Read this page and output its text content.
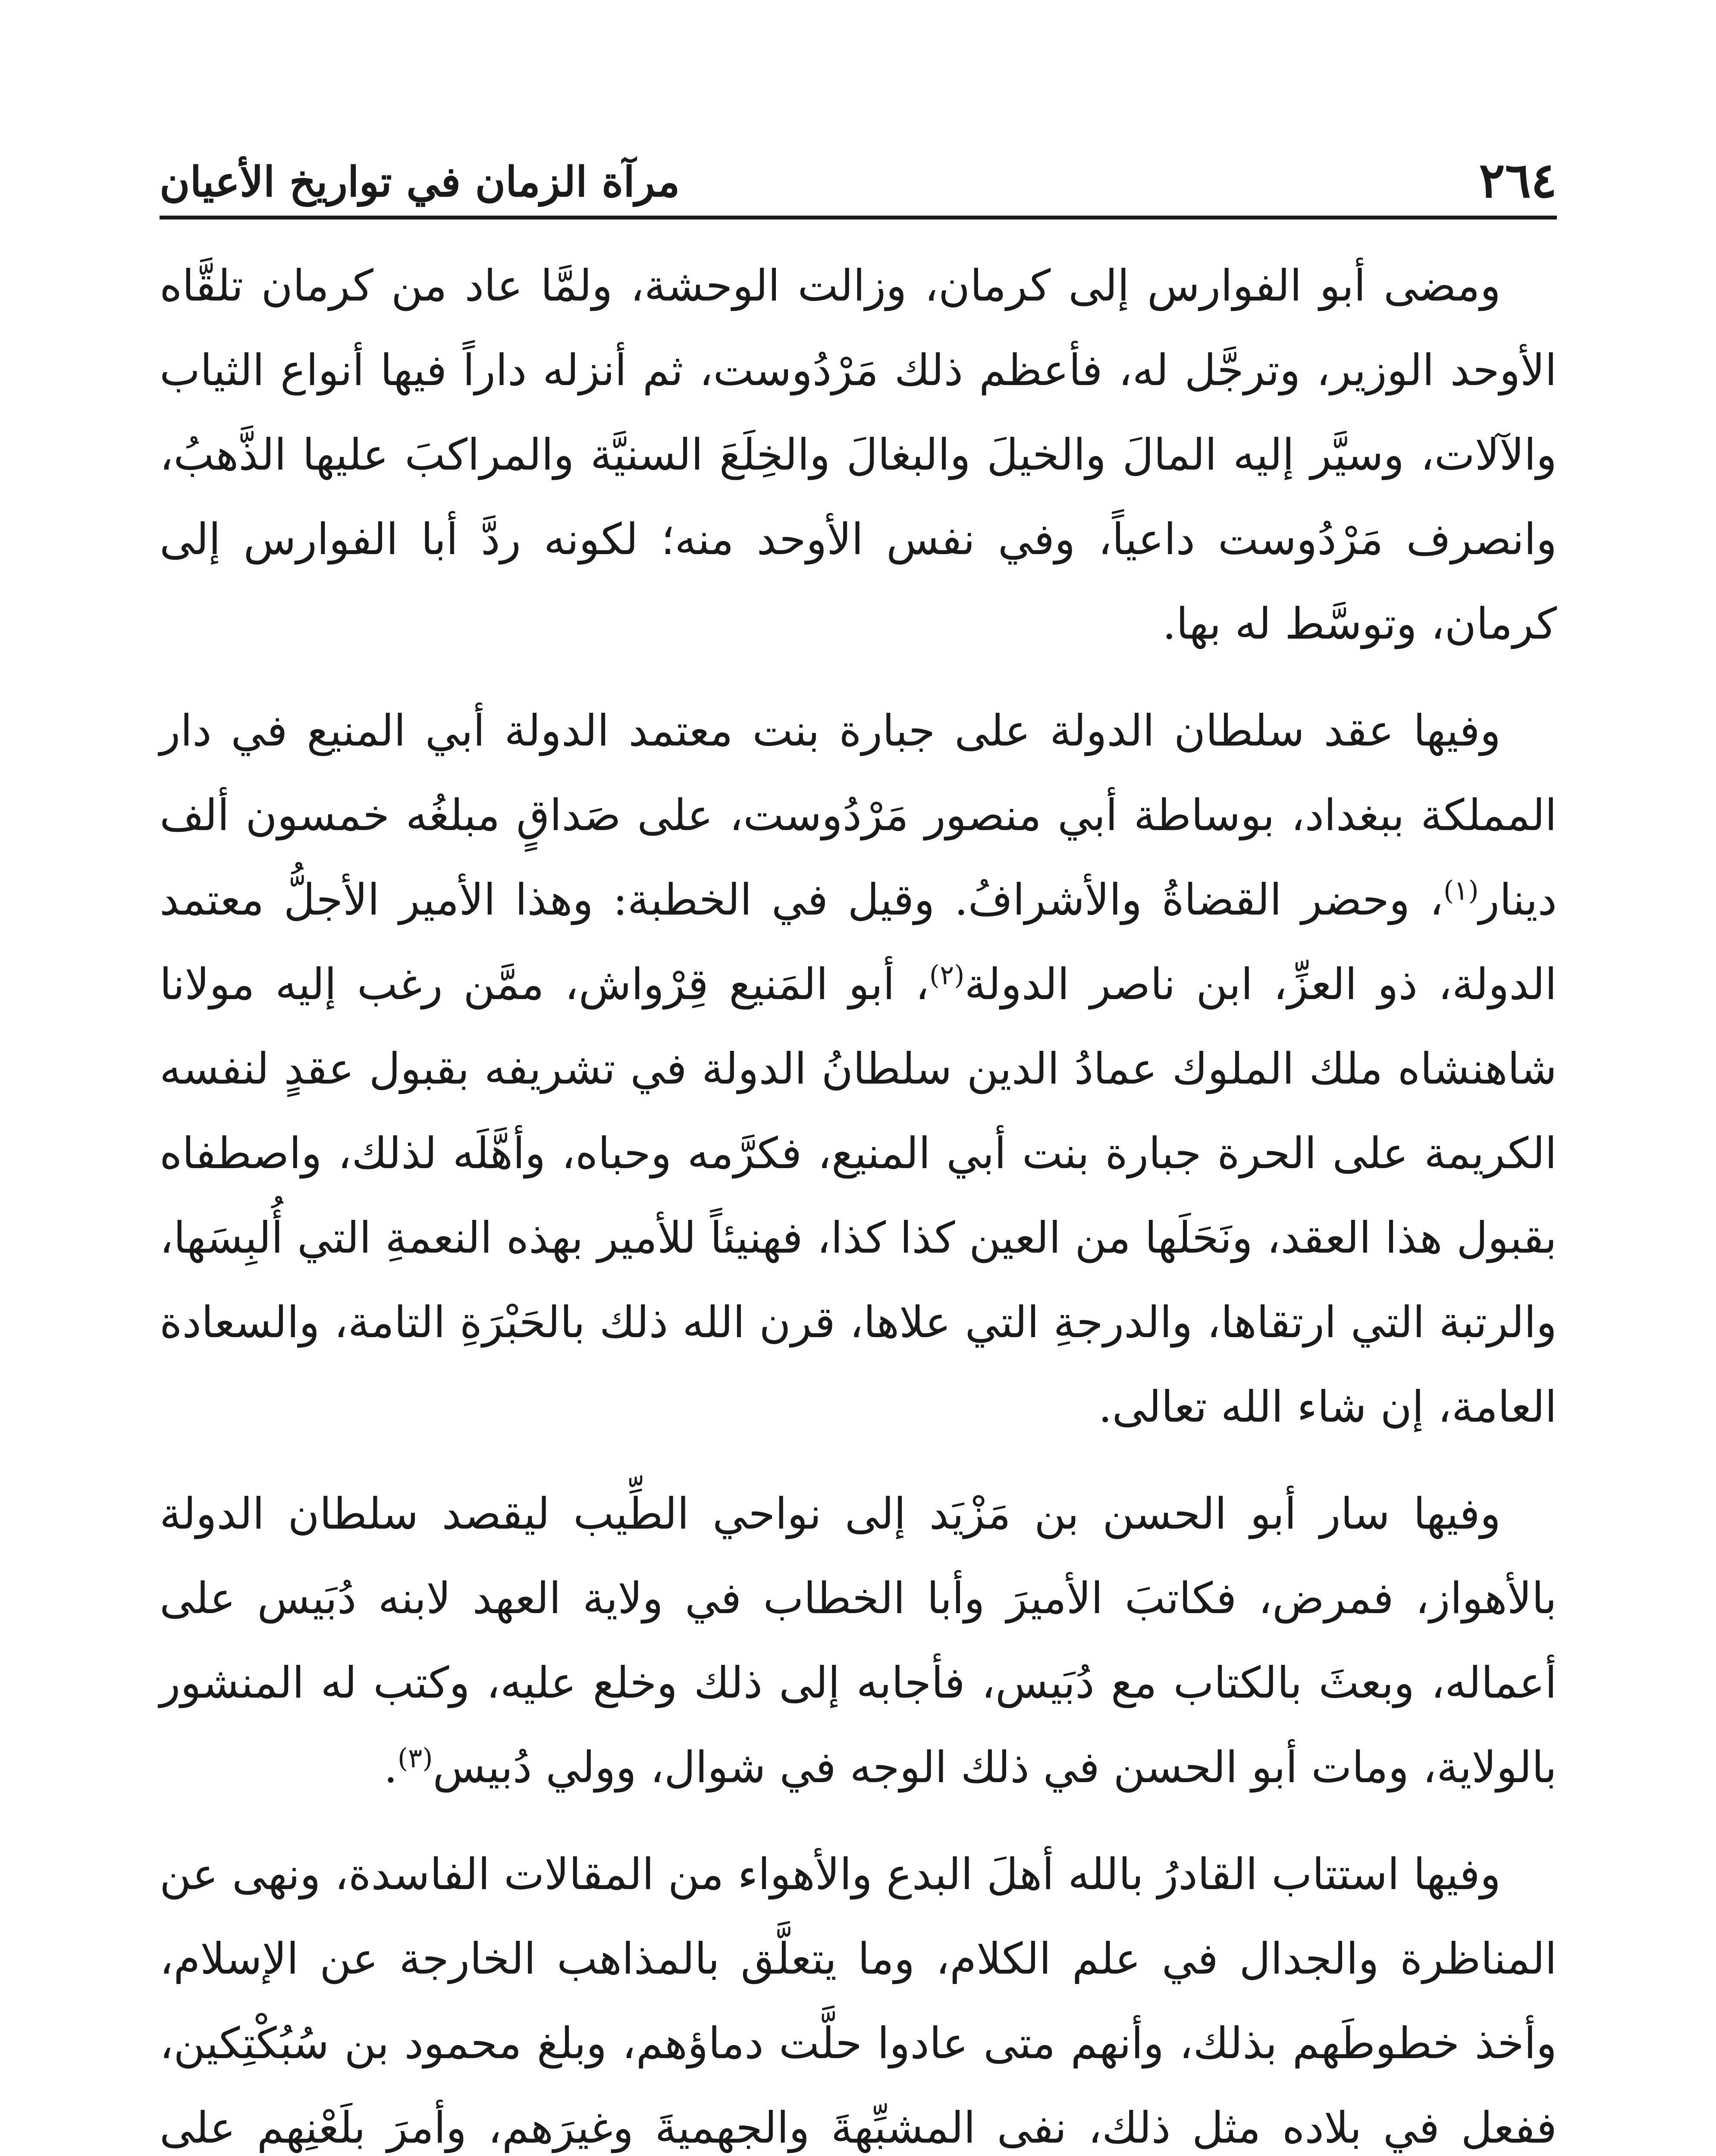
٢٦٤
مرآة الزمان في تواريخ الأعيان

ومضى أبو الفوارس إلى كرمان، وزالت الوحشة، ولمَّا عاد من كرمان تلقَّاه الأوحد الوزير، وترجَّل له، فأعظم ذلك مَرْدُوست، ثم أنزله داراً فيها أنواع الثياب والآلات، وسيَّر إليه المالَ والخيلَ والبغالَ والخِلَعَ السنيَّة والمراكبَ عليها الذَّهبُ، وانصرف مَرْدُوست داعياً، وفي نفس الأوحد منه؛ لكونه ردَّ أبا الفوارس إلى كرمان، وتوسَّط له بها.

وفيها عقد سلطان الدولة على جبارة بنت معتمد الدولة أبي المنيع في دار المملكة ببغداد، بوساطة أبي منصور مَرْدُوست، على صَداقٍ مبلغُه خمسون ألف دينار$^{(١)}$، وحضر القضاةُ والأشرافُ. وقيل في الخطبة: وهذا الأمير الأجلُّ معتمد الدولة، ذو العزِّ، ابن ناصر الدولة$^{(٢)}$، أبو المَنيع قِرْواش، ممَّن رغب إليه مولانا شاهنشاه ملك الملوك عمادُ الدين سلطانُ الدولة في تشريفه بقبول عقدٍ لنفسه الكريمة على الحرة جبارة بنت أبي المنيع، فكرَّمه وحباه، وأهَّلَه لذلك، واصطفاه بقبول هذا العقد، ونَحَلَها من العين كذا كذا، فهنيئاً للأمير بهذه النعمةِ التي أُلبِسَها، والرتبة التي ارتقاها، والدرجةِ التي علاها، قرن الله ذلك بالحَبْرَةِ التامة، والسعادة العامة، إن شاء الله تعالى.

وفيها سار أبو الحسن بن مَزْيَد إلى نواحي الطِّيب ليقصد سلطان الدولة بالأهواز، فمرض، فكاتبَ الأميرَ وأبا الخطاب في ولاية العهد لابنه دُبَيس على أعماله، وبعثَ بالكتاب مع دُبَيس، فأجابه إلى ذلك وخلع عليه، وكتب له المنشور بالولاية، ومات أبو الحسن في ذلك الوجه في شوال، وولي دُبيس$^{(٣)}$.

وفيها استتاب القادرُ بالله أهلَ البدع والأهواء من المقالات الفاسدة، ونهى عن المناظرة والجدال في علم الكلام، وما يتعلَّق بالمذاهب الخارجة عن الإسلام، وأخذ خطوطَهم بذلك، وأنهم متى عادوا حلَّت دماؤهم، وبلغ محمود بن سُبُكْتِكين، ففعل في بلاده مثل ذلك، نفى المشبِّهةَ والجهميةَ وغيرَهم، وأمرَ بلَعْنِهم على
